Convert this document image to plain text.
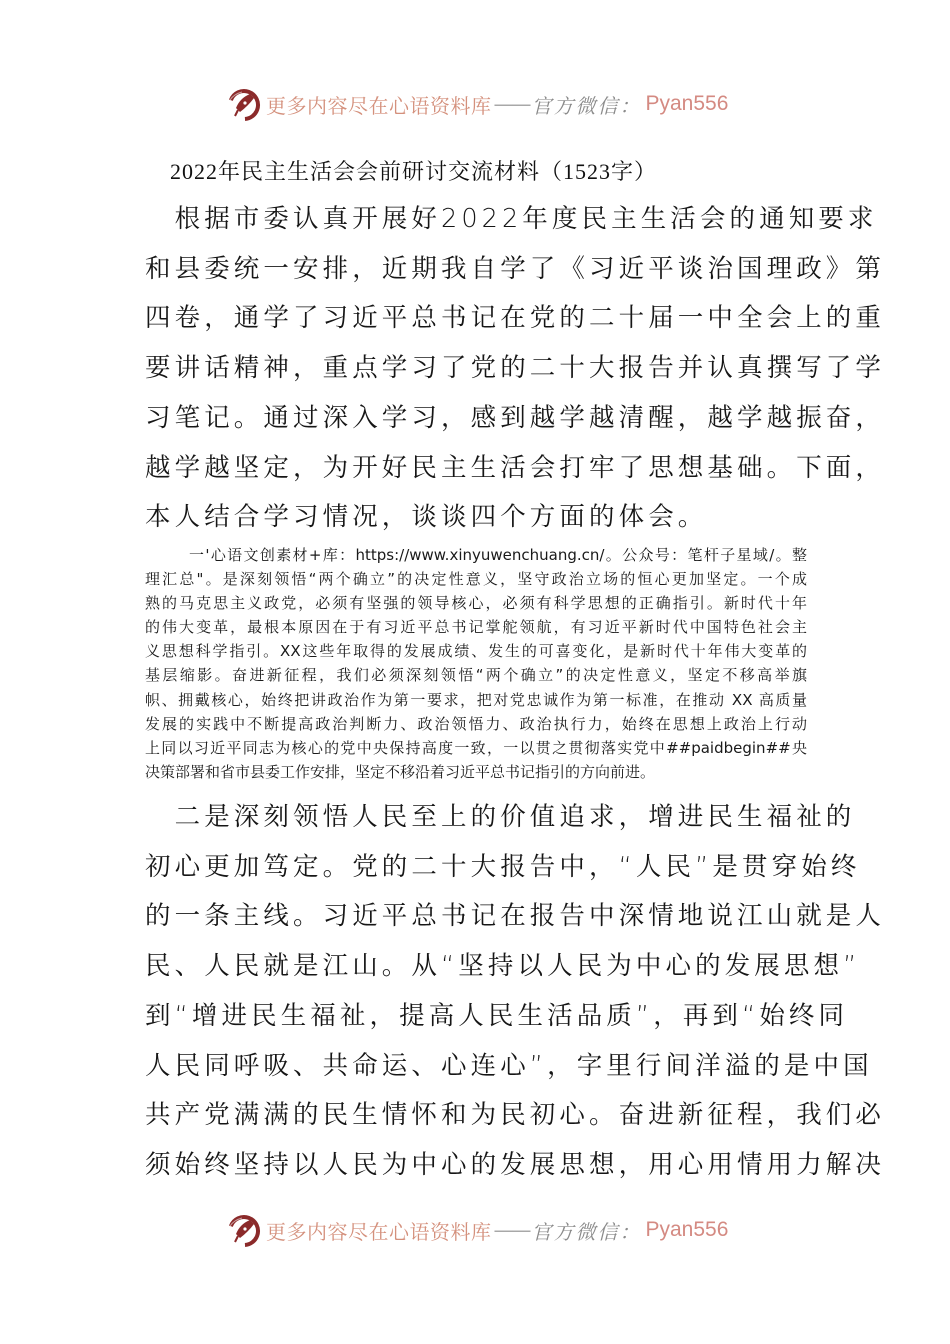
更多内容尽在心语资料库 —— 官方微信： Pyan556
2022年民主生活会会前研讨交流材料（1523字）
　根据市委认真开展好2022年度民主生活会的通知要求
和县委统一安排，近期我自学了《习近平谈治国理政》第
四卷，通学了习近平总书记在党的二十届一中全会上的重
要讲话精神，重点学习了党的二十大报告并认真撰写了学
习笔记。通过深入学习，感到越学越清醒，越学越振奋，
越学越坚定，为开好民主生活会打牢了思想基础。下面，
本人结合学习情况，谈谈四个方面的体会。
一'心语文创素材+库：https://www.xinyuwenchuang.cn/。公众号：笔杆子星域/。整
理汇总"。是深刻领悟“两个确立”的决定性意义，坚守政治立场的恒心更加坚定。一个成
熟的马克思主义政党，必须有坚强的领导核心，必须有科学思想的正确指引。新时代十年
的伟大变革，最根本原因在于有习近平总书记掌舵领航，有习近平新时代中国特色社会主
义思想科学指引。XX这些年取得的发展成绩、发生的可喜变化，是新时代十年伟大变革的
基层缩影。奋进新征程，我们必须深刻领悟“两个确立”的决定性意义，坚定不移高举旗
帜、拥戴核心，始终把讲政治作为第一要求，把对党忠诚作为第一标准，在推动 XX 高质量
发展的实践中不断提高政治判断力、政治领悟力、政治执行力，始终在思想上政治上行动
上同以习近平同志为核心的党中央保持高度一致，一以贯之贯彻落实党中##paidbegin##央
决策部署和省市县委工作安排，坚定不移沿着习近平总书记指引的方向前进。
　二是深刻领悟人民至上的价值追求，增进民生福祉的
初心更加笃定。党的二十大报告中，“人民”是贯穿始终
的一条主线。习近平总书记在报告中深情地说江山就是人
民、人民就是江山。从“坚持以人民为中心的发展思想”
到“增进民生福祉，提高人民生活品质”，再到“始终同
人民同呼吸、共命运、心连心”，字里行间洋溢的是中国
共产党满满的民生情怀和为民初心。奋进新征程，我们必
须始终坚持以人民为中心的发展思想，用心用情用力解决
更多内容尽在心语资料库 —— 官方微信： Pyan556
